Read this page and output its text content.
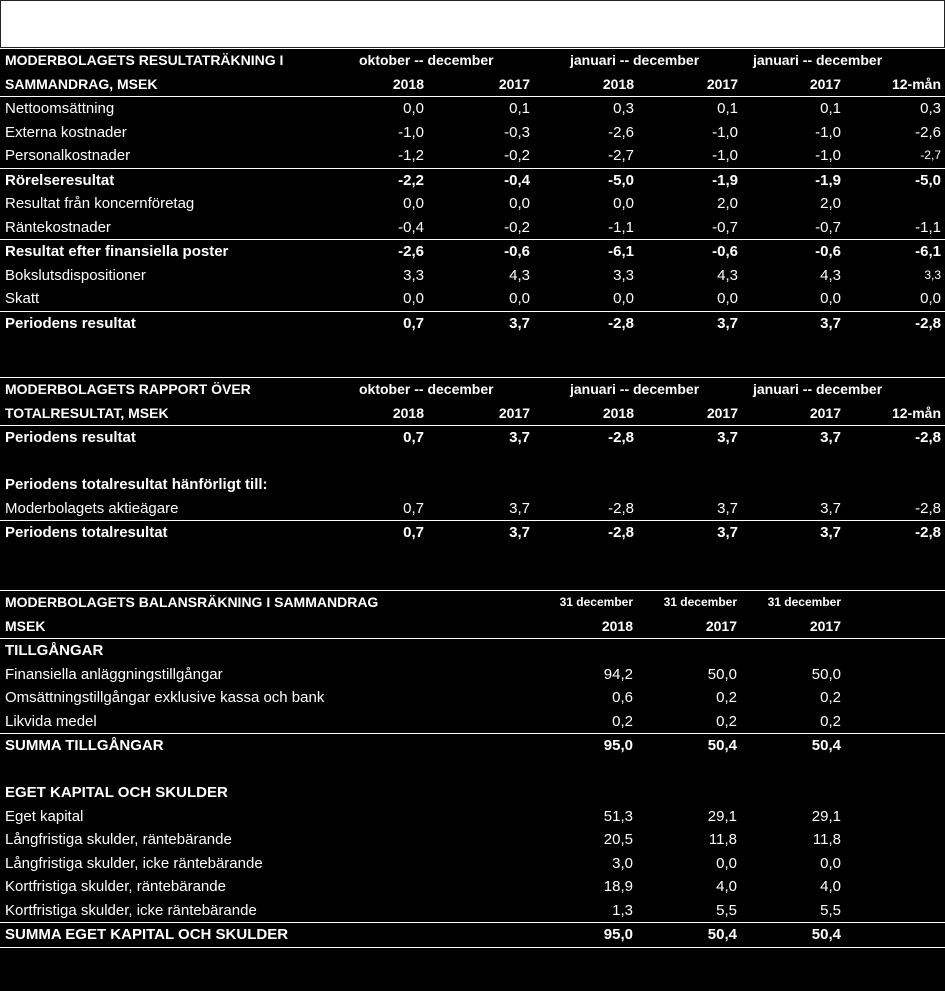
MODERBOLAGETS RESULTATRÄKNING I	oktober -- december	januari -- december	januari -- december
SAMMANDRAG, MSEK	2018	2017	2018	2017	2017	12-mån
Nettoomsättning	0,0	0,1	0,3	0,1	0,1	0,3
Externa kostnader	-1,0	-0,3	-2,6	-1,0	-1,0	-2,6
Personalkostnader	-1,2	-0,2	-2,7	-1,0	-1,0	-2,7
Rörelseresultat	-2,2	-0,4	-5,0	-1,9	-1,9	-5,0
Resultat från koncernföretag	0,0	0,0	0,0	2,0	2,0
Räntekostnader	-0,4	-0,2	-1,1	-0,7	-0,7	-1,1
Resultat efter finansiella poster	-2,6	-0,6	-6,1	-0,6	-0,6	-6,1
Bokslutsdispositioner	3,3	4,3	3,3	4,3	4,3	3,3
Skatt	0,0	0,0	0,0	0,0	0,0	0,0
Periodens resultat	0,7	3,7	-2,8	3,7	3,7	-2,8
MODERBOLAGETS RAPPORT ÖVER	oktober -- december	januari -- december	januari -- december
TOTALRESULTAT, MSEK	2018	2017	2018	2017	2017	12-mån
Periodens resultat	0,7	3,7	-2,8	3,7	3,7	-2,8
Periodens totalresultat hänförligt till:
Moderbolagets aktieägare	0,7	3,7	-2,8	3,7	3,7	-2,8
Periodens totalresultat	0,7	3,7	-2,8	3,7	3,7	-2,8
MODERBOLAGETS BALANSRÄKNING I SAMMANDRAG	31 december	31 december	31 december
MSEK	2018	2017	2017
TILLGÅNGAR
Finansiella anläggningstillgångar	94,2	50,0	50,0
Omsättningstillgångar exklusive kassa och bank	0,6	0,2	0,2
Likvida medel	0,2	0,2	0,2
SUMMA TILLGÅNGAR	95,0	50,4	50,4
EGET KAPITAL OCH SKULDER
Eget kapital	51,3	29,1	29,1
Långfristiga skulder, räntebärande	20,5	11,8	11,8
Långfristiga skulder, icke räntebärande	3,0	0,0	0,0
Kortfristiga skulder, räntebärande	18,9	4,0	4,0
Kortfristiga skulder, icke räntebärande	1,3	5,5	5,5
SUMMA EGET KAPITAL OCH SKULDER	95,0	50,4	50,4
